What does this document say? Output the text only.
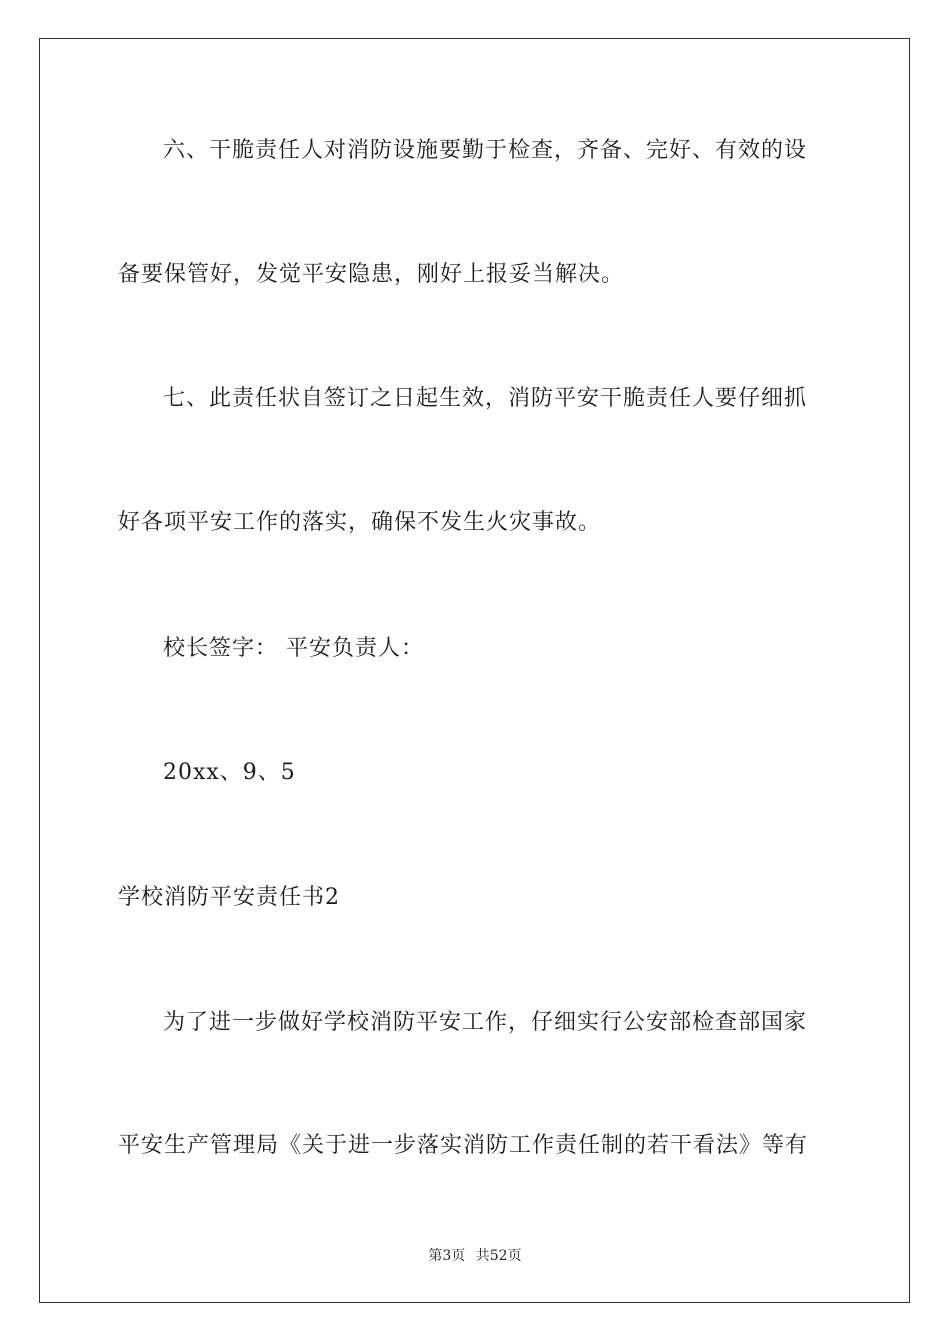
六、干脆责任人对消防设施要勤于检查，齐备、完好、有效的设
备要保管好，发觉平安隐患，刚好上报妥当解决。
七、此责任状自签订之日起生效，消防平安干脆责任人要仔细抓
好各项平安工作的落实，确保不发生火灾事故。
校长签字： 平安负责人：
20xx、9、5
学校消防平安责任书2
为了进一步做好学校消防平安工作，仔细实行公安部检查部国家
平安生产管理局《关于进一步落实消防工作责任制的若干看法》等有
第3页 共52页
